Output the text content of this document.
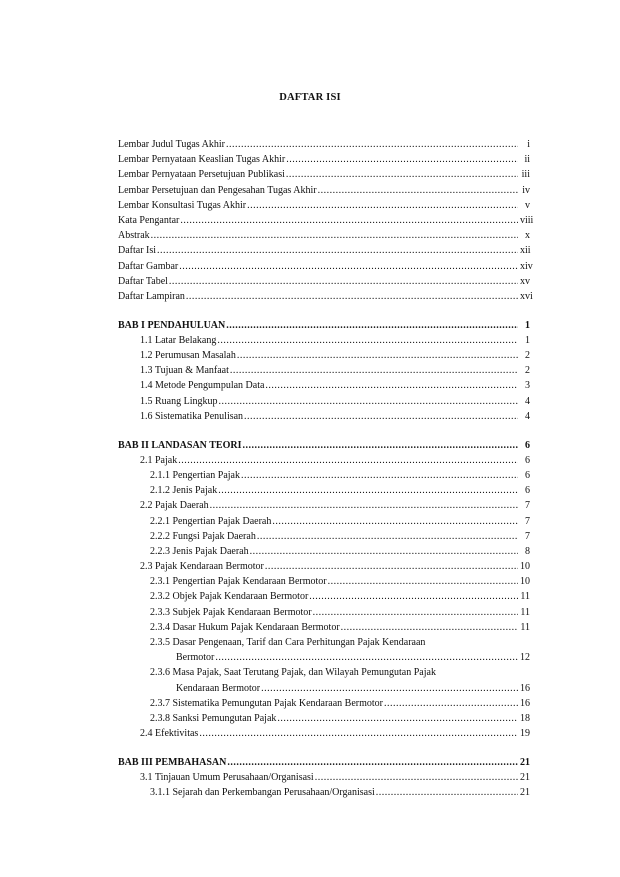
DAFTAR ISI
Lembar Judul Tugas Akhir .....	i
Lembar Pernyataan Keaslian Tugas Akhir .....	ii
Lembar Pernyataan Persetujuan Publikasi .....	iii
Lembar Persetujuan dan Pengesahan Tugas Akhir .....	iv
Lembar Konsultasi Tugas Akhir .....	v
Kata Pengantar .....	viii
Abstrak .....	x
Daftar Isi .....	xii
Daftar Gambar .....	xiv
Daftar Tabel .....	xv
Daftar Lampiran .....	xvi
BAB I PENDAHULUAN .....	1
1.1 Latar Belakang .....	1
1.2 Perumusan Masalah .....	2
1.3 Tujuan & Manfaat .....	2
1.4 Metode Pengumpulan Data .....	3
1.5 Ruang Lingkup .....	4
1.6 Sistematika Penulisan .....	4
BAB II LANDASAN TEORI .....	6
2.1 Pajak .....	6
2.1.1 Pengertian Pajak .....	6
2.1.2 Jenis Pajak .....	6
2.2 Pajak Daerah .....	7
2.2.1 Pengertian Pajak Daerah .....	7
2.2.2 Fungsi Pajak Daerah .....	7
2.2.3 Jenis Pajak Daerah .....	8
2.3 Pajak Kendaraan Bermotor .....	10
2.3.1 Pengertian Pajak Kendaraan Bermotor .....	10
2.3.2 Objek Pajak Kendaraan Bermotor .....	11
2.3.3 Subjek Pajak Kendaraan Bermotor .....	11
2.3.4 Dasar Hukum Pajak Kendaraan Bermotor .....	11
2.3.5 Dasar Pengenaan, Tarif dan Cara Perhitungan Pajak Kendaraan
Bermotor .....	12
2.3.6 Masa Pajak, Saat Terutang Pajak, dan Wilayah Pemungutan Pajak
Kendaraan Bermotor .....	16
2.3.7 Sistematika Pemungutan Pajak Kendaraan Bermotor .....	16
2.3.8 Sanksi Pemungutan Pajak .....	18
2.4 Efektivitas .....	19
BAB III PEMBAHASAN .....	21
3.1 Tinjauan Umum Perusahaan/Organisasi .....	21
3.1.1 Sejarah dan Perkembangan Perusahaan/Organisasi .....	21
